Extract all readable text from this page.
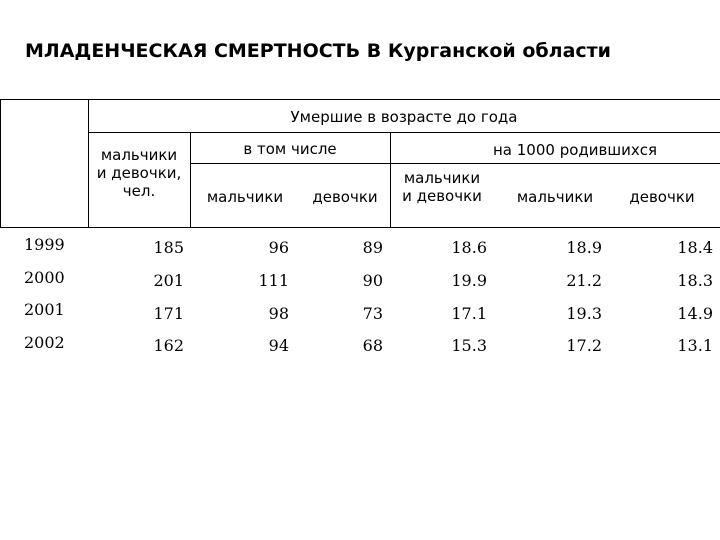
МЛАДЕНЧЕСКАЯ СМЕРТНОСТЬ В Курганской области
Умершие в возрасте до года
мальчики и девочки, чел.
в том числе	на 1000 родившихся
мальчики	девочки
мальчики и девочки	мальчики	девочки
1999	185	96	89	18.6	18.9	18.4
2000	201	111	90	19.9	21.2	18.3
2001	171	98	73	17.1	19.3	14.9
2002	162	94	68	15.3	17.2	13.1
